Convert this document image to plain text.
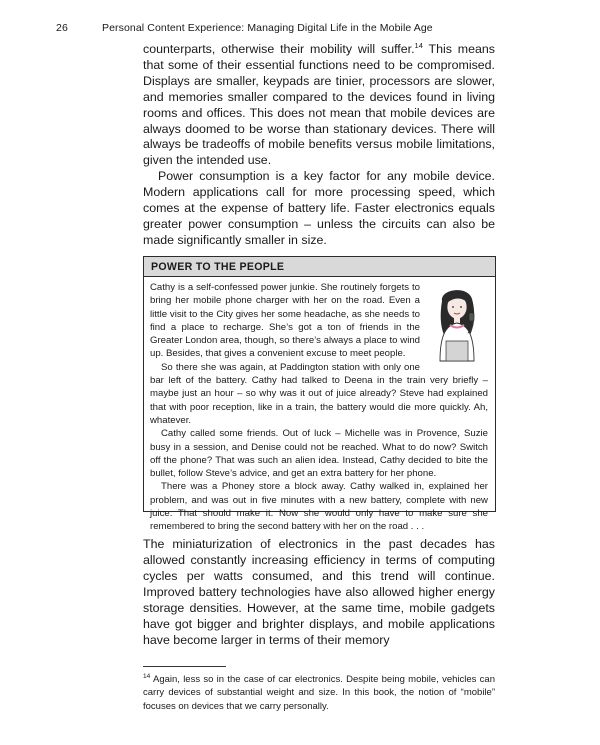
26	Personal Content Experience: Managing Digital Life in the Mobile Age

counterparts, otherwise their mobility will suffer.$^{14}$ This means that some of their essential functions need to be compromised. Displays are smaller, keypads are tinier, processors are slower, and memories smaller compared to the devices found in living rooms and offices. This does not mean that mobile devices are always doomed to be worse than stationary devices. There will always be tradeoffs of mobile benefits versus mobile limitations, given the intended use.

Power consumption is a key factor for any mobile device. Modern applications call for more processing speed, which comes at the expense of battery life. Faster electronics equals greater power consumption – unless the circuits can also be made significantly smaller in size.

POWER TO THE PEOPLE

Cathy is a self-confessed power junkie. She routinely forgets to bring her mobile phone charger with her on the road. Even a little visit to the City gives her some headache, as she needs to find a place to recharge. She’s got a ton of friends in the Greater London area, though, so there’s always a place to wind up. Besides, that gives a convenient excuse to meet people.

So there she was again, at Paddington station with only one bar left of the battery. Cathy had talked to Deena in the train very briefly – maybe just an hour – so why was it out of juice already? Steve had explained that with poor reception, like in a train, the battery would die more quickly. Ah, whatever.

Cathy called some friends. Out of luck – Michelle was in Provence, Suzie busy in a session, and Denise could not be reached. What to do now? Switch off the phone? That was such an alien idea. Instead, Cathy decided to bite the bullet, follow Steve’s advice, and get an extra battery for her phone.

There was a Phoney store a block away. Cathy walked in, explained her problem, and was out in five minutes with a new battery, complete with new juice. That should make it. Now she would only have to make sure she remembered to bring the second battery with her on the road . . .

The miniaturization of electronics in the past decades has allowed constantly increasing efficiency in terms of computing cycles per watts consumed, and this trend will continue. Improved battery technologies have also allowed higher energy storage densities. However, at the same time, mobile gadgets have got bigger and brighter displays, and mobile applications have become larger in terms of their memory

$^{14}$ Again, less so in the case of car electronics. Despite being mobile, vehicles can carry devices of substantial weight and size. In this book, the notion of “mobile” focuses on devices that we carry personally.
